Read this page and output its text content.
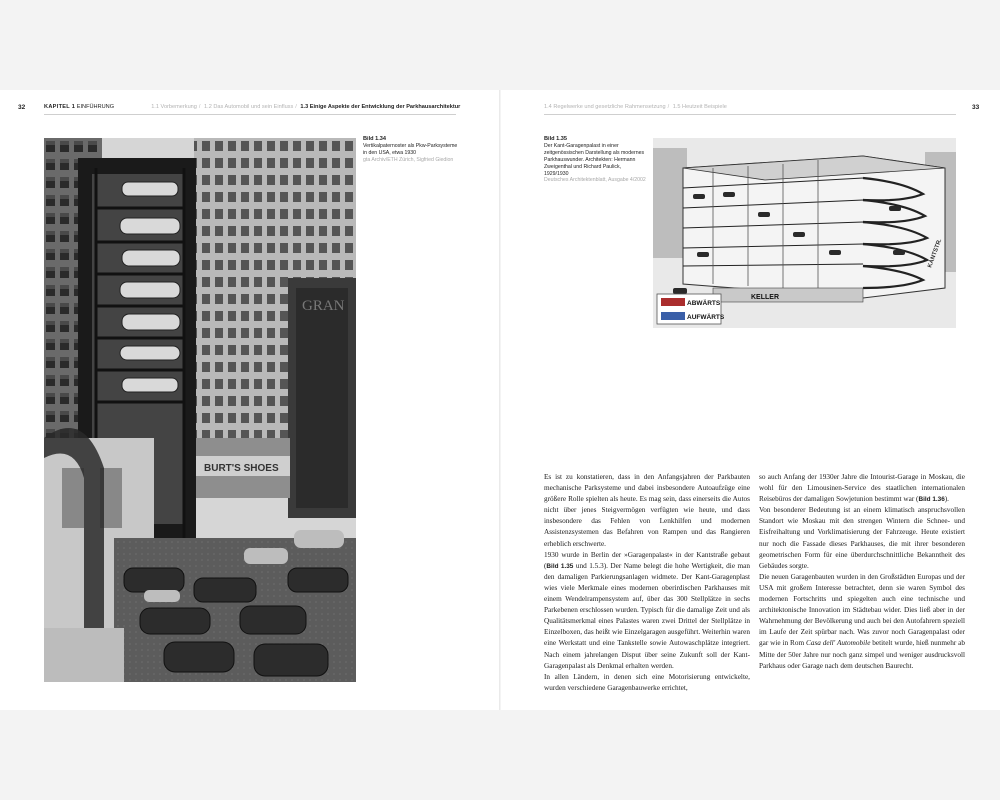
32	KAPITEL 1 EINFÜHRUNG	1.1 Vorbemerkung / 1.2 Das Automobil und sein Einfluss / 1.3 Einige Aspekte der Entwicklung der Parkhausarchitektur	1.4 Regelwerke und gesetzliche Rahmensetzung / 1.5 Heutzeit Beispiele	33
GRAN
BURT'S SHOES
Bild 1.34
Vertikalpaternoster als Pkw-Parksysteme in den USA, etwa 1930
gta Archiv/ETH Zürich, Sigfried Giedion
Bild 1.35
Der Kant-Garagenpalast in einer zeitgenössischen Darstellung als modernes Parkhauswunder. Architekten: Hermann Zweigenthal und Richard Paulick, 1929/1930
Deutsches Architektenblatt, Ausgabe 4/2002
KELLER
KANTSTR.
ABWÄRTS
AUFWÄRTS

Es ist zu konstatieren, dass in den Anfangsjahren der Parkbauten mechanische Parksysteme und dabei insbesondere Autoaufzüge eine größere Rolle spielten als heute. Es mag sein, dass einerseits die Autos nicht über jenes Steigvermögen verfügten wie heute, und dass insbesondere das Fehlen von Lenkhilfen und modernen Assistenzsystemen das Befahren von Rampen und das Rangieren erheblich erschwerte.

1930 wurde in Berlin der »Garagenpalast« in der Kantstraße gebaut (Bild 1.35 und 1.5.3). Der Name belegt die hohe Wertigkeit, die man den damaligen Parkierungsanlagen widmete. Der Kant-Garagenplast wies viele Merkmale eines modernen oberirdischen Parkhauses mit einem Wendelrampensystem auf, über das 300 Stellplätze in sechs Parkebenen erschlossen wurden. Typisch für die damalige Zeit und als Qualitätsmerkmal eines Palastes waren zwei Drittel der Stellplätze in Einzelboxen, das heißt wie Einzelgaragen ausgeführt. Weiterhin waren eine Werkstatt und eine Tankstelle sowie Autowaschplätze integriert. Nach einem jahrelangen Disput über seine Zukunft soll der Kant-Garagenpalast als Denkmal erhalten werden.

In allen Ländern, in denen sich eine Motorisierung entwickelte, wurden verschiedene Garagenbauwerke errichtet,

so auch Anfang der 1930er Jahre die Intourist-Garage in Moskau, die wohl für den Limousinen-Service des staatlichen internationalen Reisebüros der damaligen Sowjetunion bestimmt war (Bild 1.36).

Von besonderer Bedeutung ist an einem klimatisch anspruchsvollen Standort wie Moskau mit den strengen Wintern die Schnee- und Eisfreihaltung und Vorklimatisierung der Fahrzeuge. Heute existiert nur noch die Fassade dieses Parkhauses, die mit ihrer besonderen geometrischen Form für eine überdurchschnittliche Bekanntheit des Gebäudes sorgte.

Die neuen Garagenbauten wurden in den Großstädten Europas und der USA mit großem Interesse betrachtet, denn sie waren Symbol des modernen Fortschritts und spiegelten auch eine technische und architektonische Innovation im Städtebau wider. Dies ließ aber in der Wahrnehmung der Bevölkerung und auch bei den Autofahrern speziell im Laufe der Zeit spürbar nach. Was zuvor noch Garagenpalast oder gar wie in Rom Casa dell' Automobile betitelt wurde, hieß nunmehr ab Mitte der 50er Jahre nur noch ganz simpel und weniger ausdrucksvoll Parkhaus oder Garage nach dem deutschen Baurecht.
